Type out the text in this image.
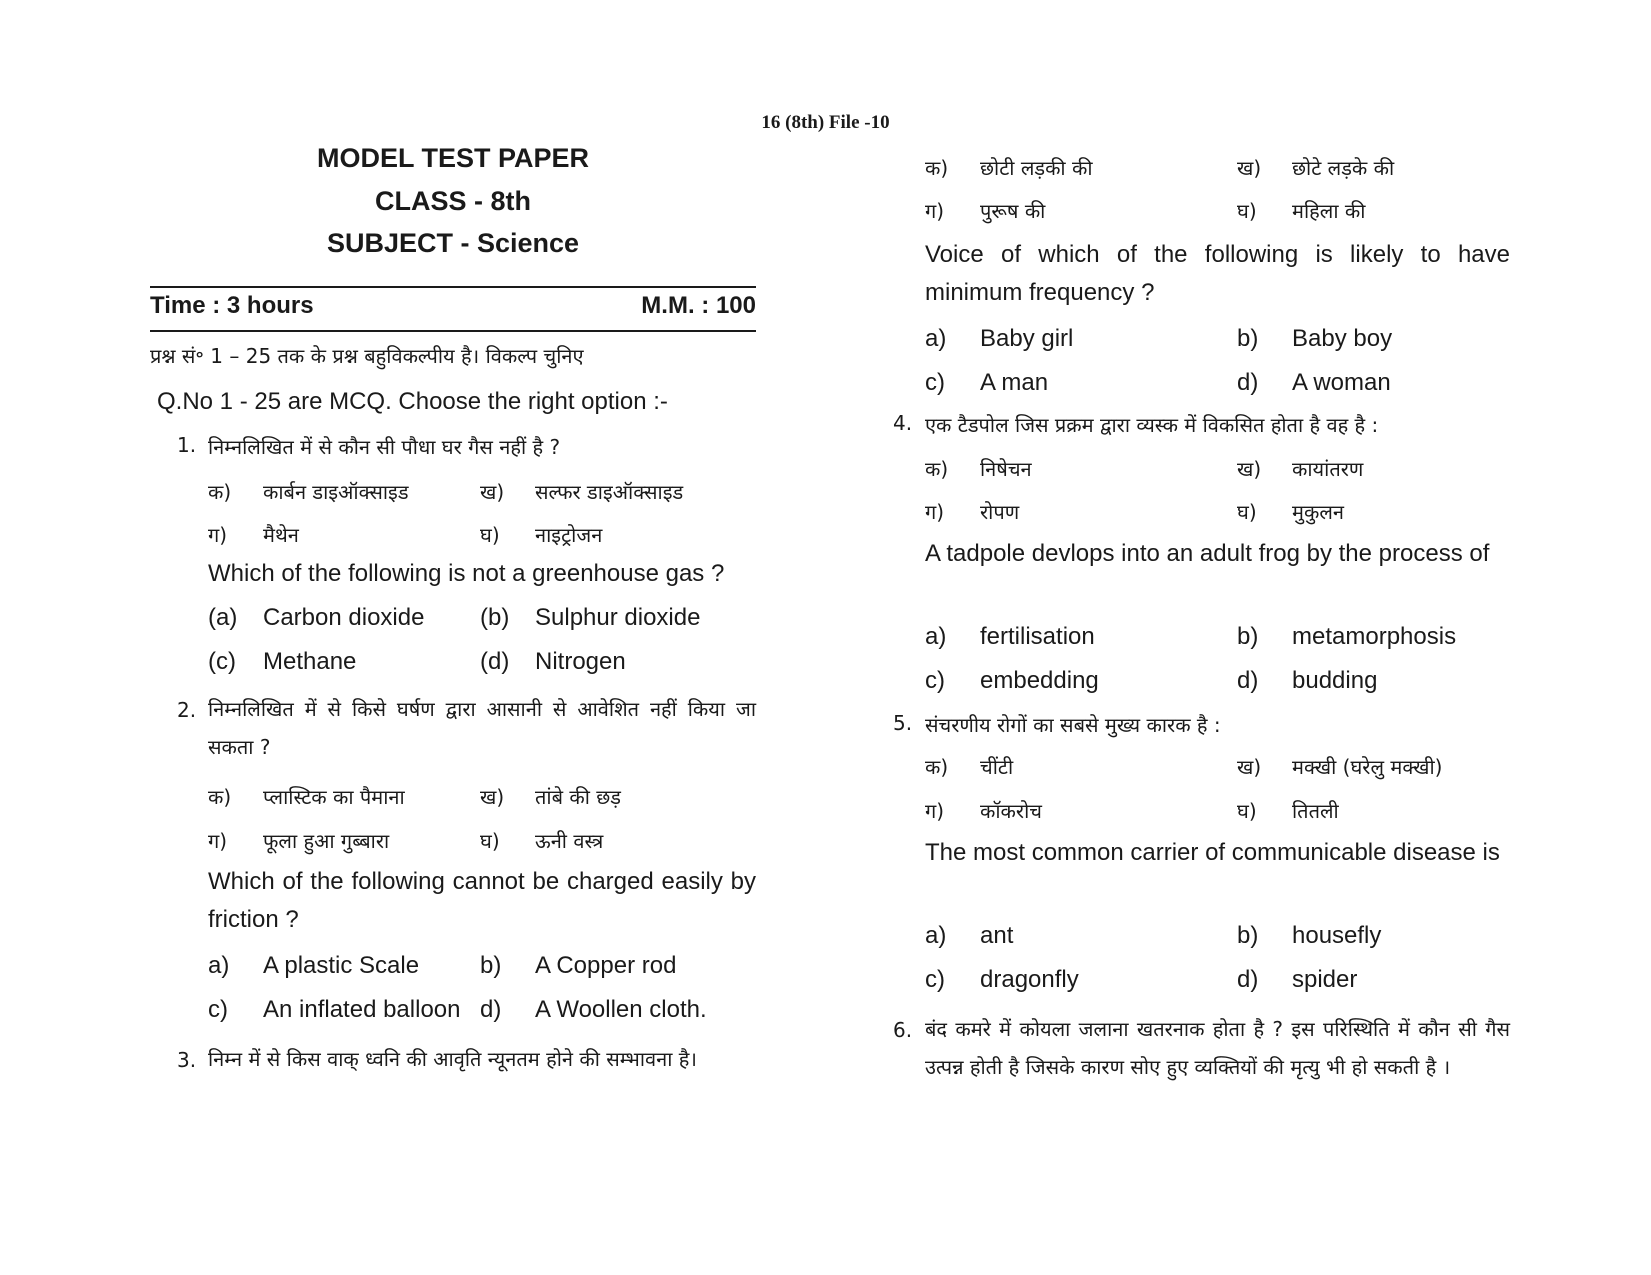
16 (8th) File -10
MODEL TEST PAPER
CLASS - 8th
SUBJECT - Science
Time : 3 hours	M.M. : 100
प्रश्न सं॰ 1 – 25 तक के प्रश्न बहुविकल्पीय है। विकल्प चुनिए
Q.No 1 - 25 are MCQ. Choose the right option :-
1. निम्नलिखित में से कौन सी पौधा घर गैस नहीं है ?
क) कार्बन डाइऑक्साइड	ख) सल्फर डाइऑक्साइड
ग) मैथेन	घ) नाइट्रोजन
Which of the following is not a greenhouse gas ?
(a) Carbon dioxide (b) Sulphur dioxide
(c) Methane	(d) Nitrogen
2. निम्नलिखित में से किसे घर्षण द्वारा आसानी से आवेशित नहीं किया जा सकता ?
क) प्लास्टिक का पैमाना	ख) तांबे की छड़
ग) फूला हुआ गुब्बारा	घ) ऊनी वस्त्र
Which of the following cannot be charged easily by friction ?
a) A plastic Scale	b) A Copper rod
c) An inflated balloon d) A Woollen cloth.
3. निम्न में से किस वाक् ध्वनि की आवृति न्यूनतम होने की सम्भावना है।
क) छोटी लड़की की	ख) छोटे लड़के की
ग) पुरूष की	घ) महिला की
Voice of which of the following is likely to have minimum frequency ?
a) Baby girl	b) Baby boy
c) A man	d) A woman
4. एक टैडपोल जिस प्रक्रम द्वारा व्यस्क में विकसित होता है वह है :
क) निषेचन	ख) कायांतरण
ग) रोपण	घ) मुकुलन
A tadpole devlops into an adult frog by the process of
a) fertilisation	b) metamorphosis
c) embedding	d) budding
5. संचरणीय रोगों का सबसे मुख्य कारक है :
क) चींटी	ख) मक्खी (घरेलु मक्खी)
ग) कॉकरोच	घ) तितली
The most common carrier of communicable disease is
a) ant	b) housefly
c) dragonfly	d) spider
6. बंद कमरे में कोयला जलाना खतरनाक होता है ? इस परिस्थिति में कौन सी गैस उत्पन्न होती है जिसके कारण सोए हुए व्यक्तियों की मृत्यु भी हो सकती है ।
